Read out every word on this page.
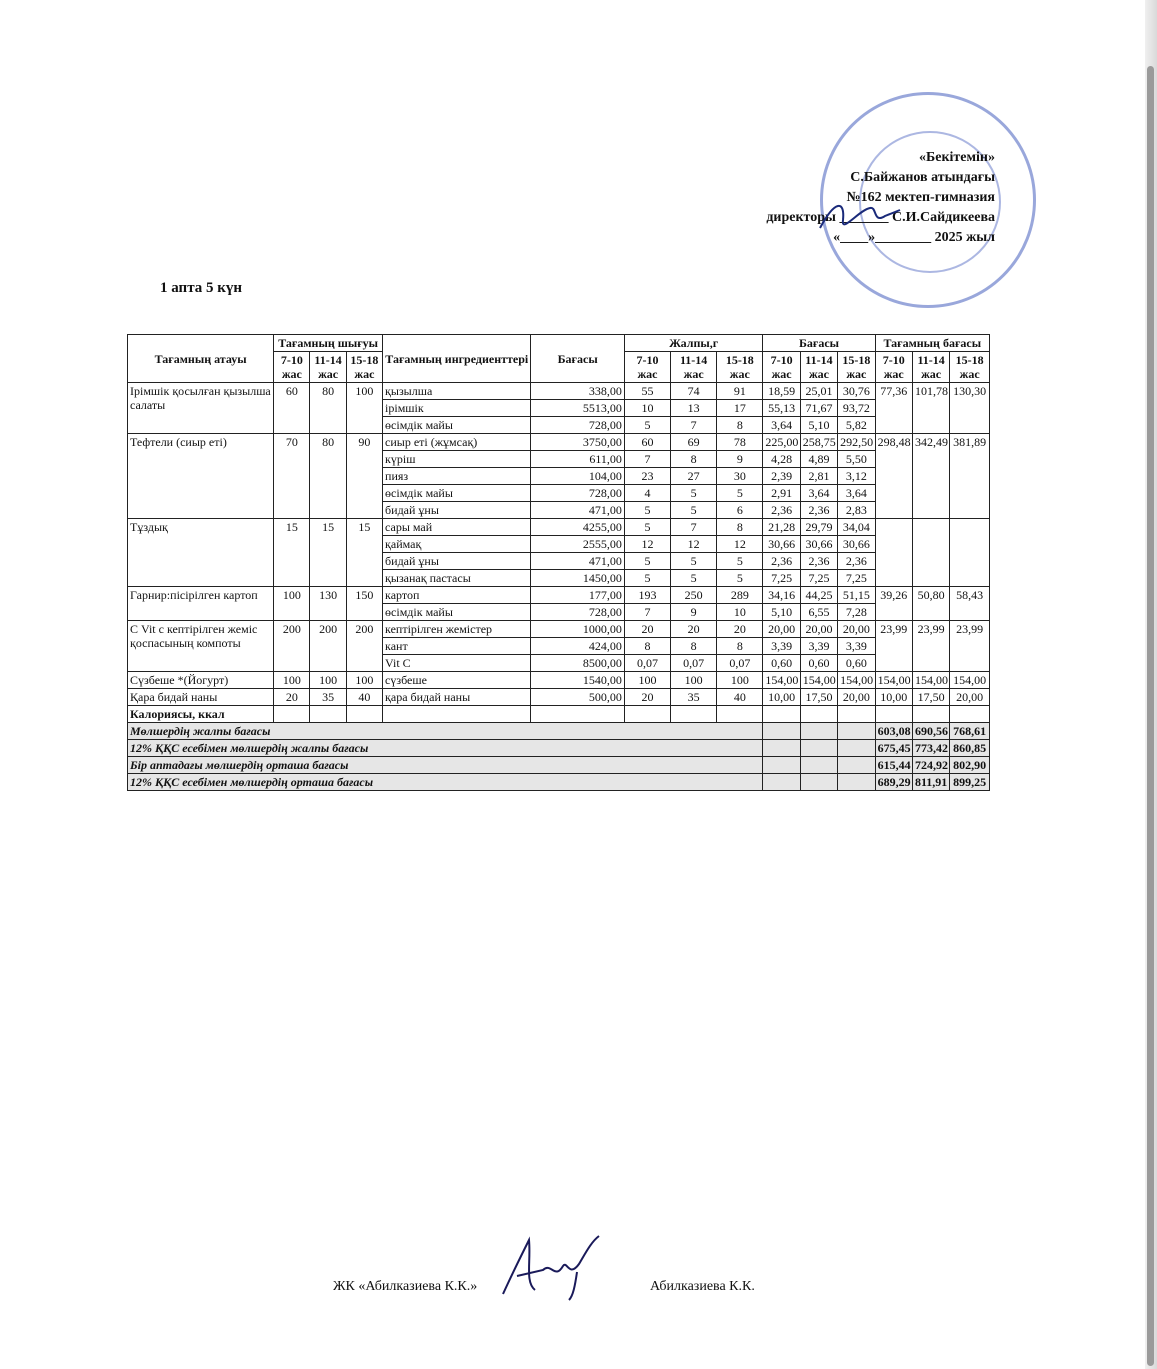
«Бекітемін»
С.Байжанов атындағы
№162 мектеп-гимназия
директоры _______ С.И.Сайдикеева
«____»________ 2025 жыл
1 апта 5 күн
Тағамның атауы	Тағамның шығуы			Тағамның ингредиенттері	Бағасы	Жалпы,г			Бағасы			Тағамның бағасы		
	7-10 жас	11-14 жас	15-18 жас			7-10 жас	11-14 жас	15-18 жас	7-10 жас	11-14 жас	15-18 жас	7-10 жас	11-14 жас	15-18 жас
Ірімшік қосылған қызылша салаты	60	80	100	қызылша	338,00	55	74	91	18,59	25,01	30,76	77,36	101,78	130,30
				ірімшік	5513,00	10	13	17	55,13	71,67	93,72			
				өсімдік майы	728,00	5	7	8	3,64	5,10	5,82			
Тефтели (сиыр еті)	70	80	90	сиыр еті (жұмсақ)	3750,00	60	69	78	225,00	258,75	292,50	298,48	342,49	381,89
				күріш	611,00	7	8	9	4,28	4,89	5,50			
				пияз	104,00	23	27	30	2,39	2,81	3,12			
				өсімдік майы	728,00	4	5	5	2,91	3,64	3,64			
				бидай ұны	471,00	5	5	6	2,36	2,36	2,83			
Тұздық	15	15	15	сары май	4255,00	5	7	8	21,28	29,79	34,04			
				қаймақ	2555,00	12	12	12	30,66	30,66	30,66			
				бидай ұны	471,00	5	5	5	2,36	2,36	2,36			
				қызанақ пастасы	1450,00	5	5	5	7,25	7,25	7,25			
Гарнир:пісірілген картоп	100	130	150	картоп	177,00	193	250	289	34,16	44,25	51,15	39,26	50,80	58,43
				өсімдік майы	728,00	7	9	10	5,10	6,55	7,28			
С Vit c кептірілген жеміс қоспасының компоты	200	200	200	кептірілген жемістер	1000,00	20	20	20	20,00	20,00	20,00	23,99	23,99	23,99
				кант	424,00	8	8	8	3,39	3,39	3,39			
				Vit C	8500,00	0,07	0,07	0,07	0,60	0,60	0,60			
Сүзбеше *(Йогурт)	100	100	100	сүзбеше	1540,00	100	100	100	154,00	154,00	154,00	154,00	154,00	154,00
Қара бидай наны	20	35	40	қара бидай наны	500,00	20	35	40	10,00	17,50	20,00	10,00	17,50	20,00
Калориясы, ккал														
Мөлшердің жалпы бағасы												603,08	690,56	768,61
12% ҚҚС есебімен мөлшердің жалпы бағасы												675,45	773,42	860,85
Бір аптадағы мөлшердің орташа бағасы												615,44	724,92	802,90
12% ҚҚС есебімен мөлшердің орташа бағасы												689,29	811,91	899,25
ЖК «Абилказиева К.К.»	Абилказиева К.К.
